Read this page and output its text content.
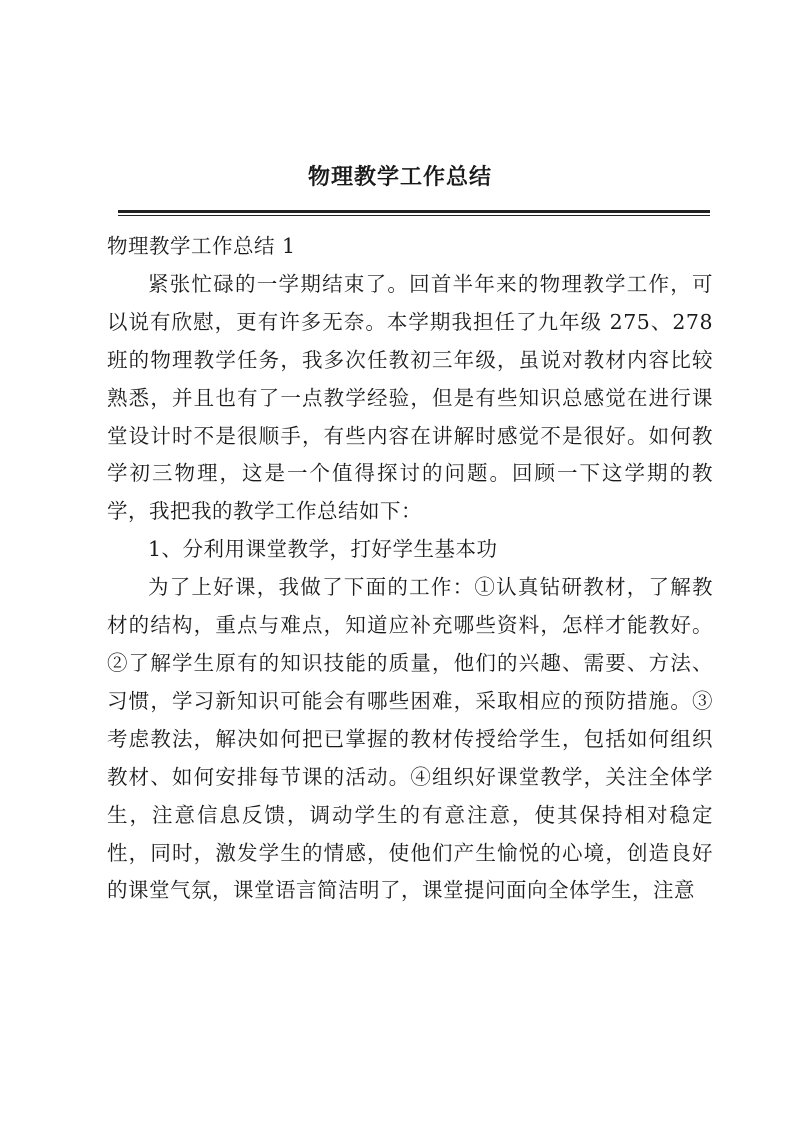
物理教学工作总结

物理教学工作总结 1

紧张忙碌的一学期结束了。回首半年来的物理教学工作，可以说有欣慰，更有许多无奈。本学期我担任了九年级 275、278 班的物理教学任务，我多次任教初三年级，虽说对教材内容比较熟悉，并且也有了一点教学经验，但是有些知识总感觉在进行课堂设计时不是很顺手，有些内容在讲解时感觉不是很好。如何教学初三物理，这是一个值得探讨的问题。回顾一下这学期的教学，我把我的教学工作总结如下：

1、分利用课堂教学，打好学生基本功

为了上好课，我做了下面的工作：①认真钻研教材，了解教材的结构，重点与难点，知道应补充哪些资料，怎样才能教好。②了解学生原有的知识技能的质量，他们的兴趣、需要、方法、习惯，学习新知识可能会有哪些困难，采取相应的预防措施。③考虑教法，解决如何把已掌握的教材传授给学生，包括如何组织教材、如何安排每节课的活动。④组织好课堂教学，关注全体学生，注意信息反馈，调动学生的有意注意，使其保持相对稳定性，同时，激发学生的情感，使他们产生愉悦的心境，创造良好的课堂气氛，课堂语言简洁明了，课堂提问面向全体学生，注意
